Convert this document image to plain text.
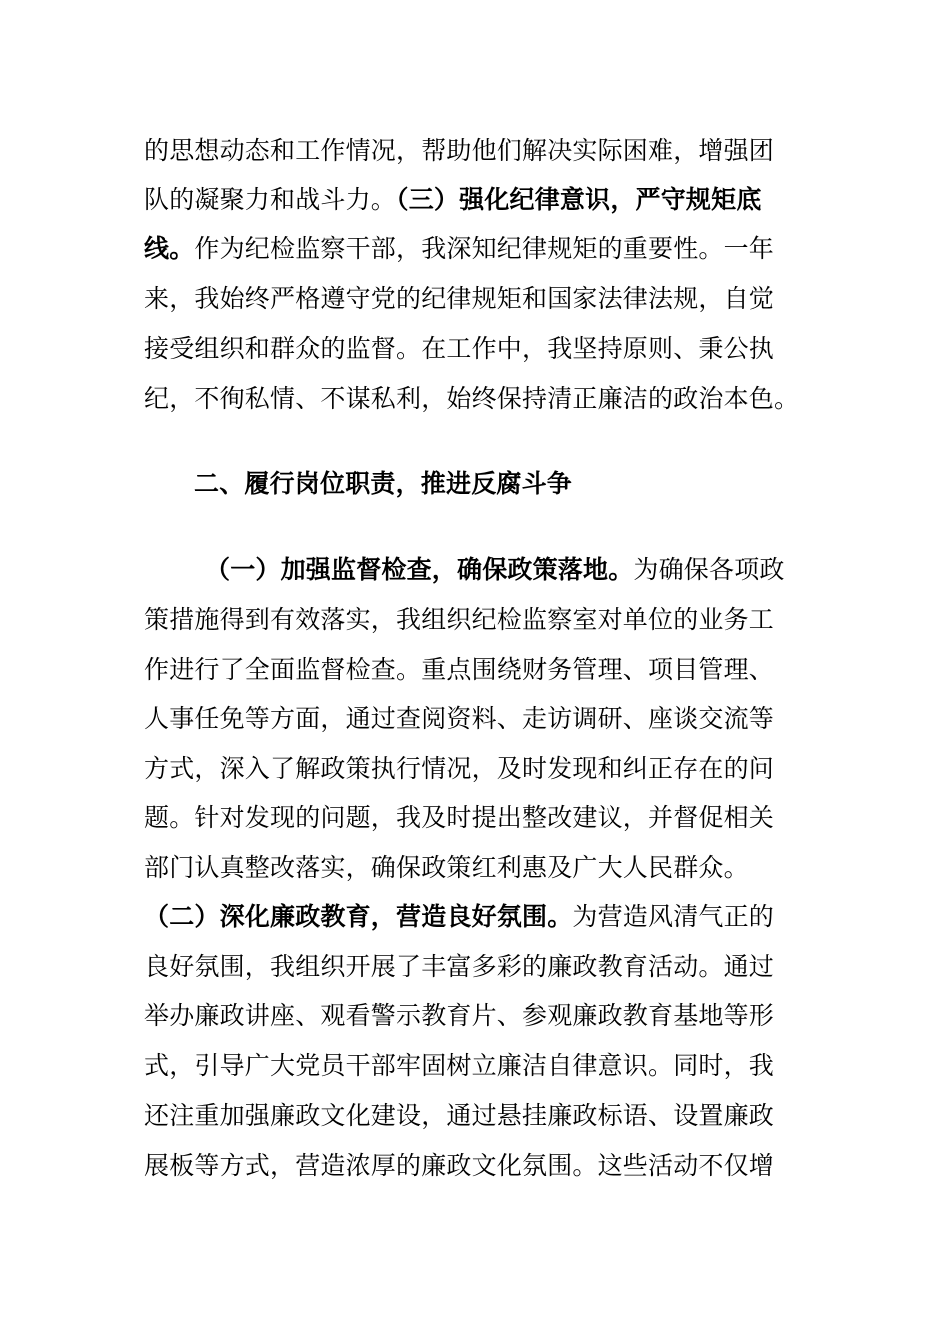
的思想动态和工作情况，帮助他们解决实际困难，增强团
队的凝聚力和战斗力。（三）强化纪律意识，严守规矩底
线。作为纪检监察干部，我深知纪律规矩的重要性。一年
来，我始终严格遵守党的纪律规矩和国家法律法规，自觉
接受组织和群众的监督。在工作中，我坚持原则、秉公执
纪，不徇私情、不谋私利，始终保持清正廉洁的政治本色。
二、履行岗位职责，推进反腐斗争
（一）加强监督检查，确保政策落地。为确保各项政
策措施得到有效落实，我组织纪检监察室对单位的业务工
作进行了全面监督检查。重点围绕财务管理、项目管理、
人事任免等方面，通过查阅资料、走访调研、座谈交流等
方式，深入了解政策执行情况，及时发现和纠正存在的问
题。针对发现的问题，我及时提出整改建议，并督促相关
部门认真整改落实，确保政策红利惠及广大人民群众。
（二）深化廉政教育，营造良好氛围。为营造风清气正的
良好氛围，我组织开展了丰富多彩的廉政教育活动。通过
举办廉政讲座、观看警示教育片、参观廉政教育基地等形
式，引导广大党员干部牢固树立廉洁自律意识。同时，我
还注重加强廉政文化建设，通过悬挂廉政标语、设置廉政
展板等方式，营造浓厚的廉政文化氛围。这些活动不仅增
